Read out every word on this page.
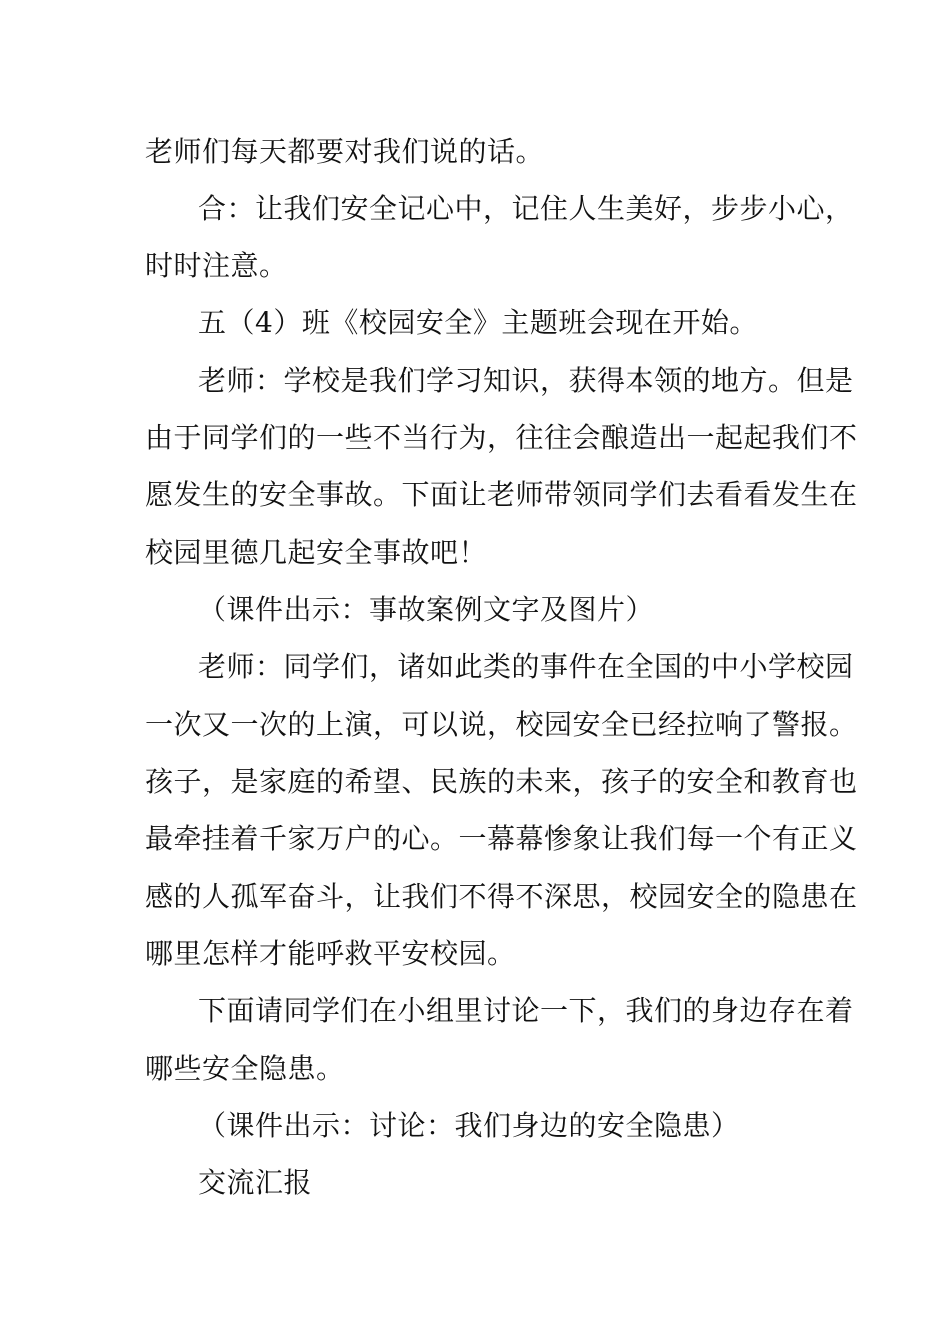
老师们每天都要对我们说的话。
合：让我们安全记心中，记住人生美好，步步小心，
时时注意。
五（4）班《校园安全》主题班会现在开始。
老师：学校是我们学习知识，获得本领的地方。但是
由于同学们的一些不当行为，往往会酿造出一起起我们不
愿发生的安全事故。下面让老师带领同学们去看看发生在
校园里德几起安全事故吧！
（课件出示：事故案例文字及图片）
老师：同学们，诸如此类的事件在全国的中小学校园
一次又一次的上演，可以说，校园安全已经拉响了警报。
孩子，是家庭的希望、民族的未来，孩子的安全和教育也
最牵挂着千家万户的心。一幕幕惨象让我们每一个有正义
感的人孤军奋斗，让我们不得不深思，校园安全的隐患在
哪里怎样才能呼救平安校园。
下面请同学们在小组里讨论一下，我们的身边存在着
哪些安全隐患。
（课件出示：讨论：我们身边的安全隐患）
交流汇报
